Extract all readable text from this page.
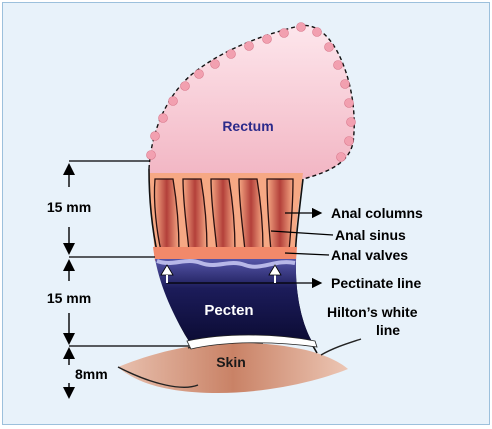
Rectum
Pecten
Skin
Anal columns
Anal sinus
Anal valves
Pectinate line
Hilton’s white
line
15 mm
15 mm
8mm
